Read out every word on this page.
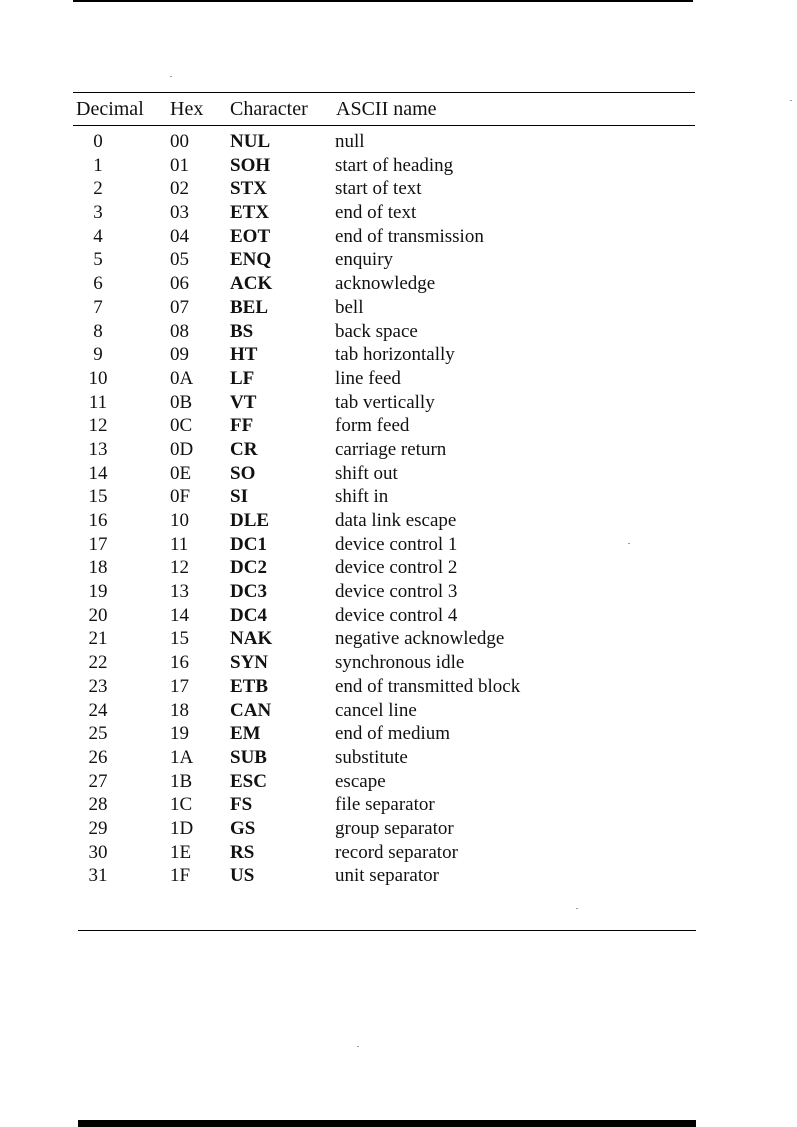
Decimal Hex Character ASCII name
0	00 NUL	null
1	01 SOH	start of heading
2	02 STX	start of text
3	03 ETX	end of text
4	04 EOT	end of transmission
5	05 ENQ	enquiry
6	06 ACK	acknowledge
7	07 BEL	bell
8	08 BS	back space
9	09 HT	tab horizontally
10	0A LF	line feed
11	0B VT	tab vertically
12	0C FF	form feed
13	0D CR	carriage return
14	0E SO	shift out
15	0F SI	shift in
16	10 DLE	data link escape
17	11 DC1	device control 1
18	12 DC2	device control 2
19	13 DC3	device control 3
20	14 DC4	device control 4
21	15 NAK	negative acknowledge
22	16 SYN	synchronous idle
23	17 ETB	end of transmitted block
24	18 CAN	cancel line
25	19 EM	end of medium
26	1A SUB	substitute
27	1B ESC	escape
28	1C FS	file separator
29	1D GS	group separator
30	1E RS	record separator
31	1F US	unit separator
